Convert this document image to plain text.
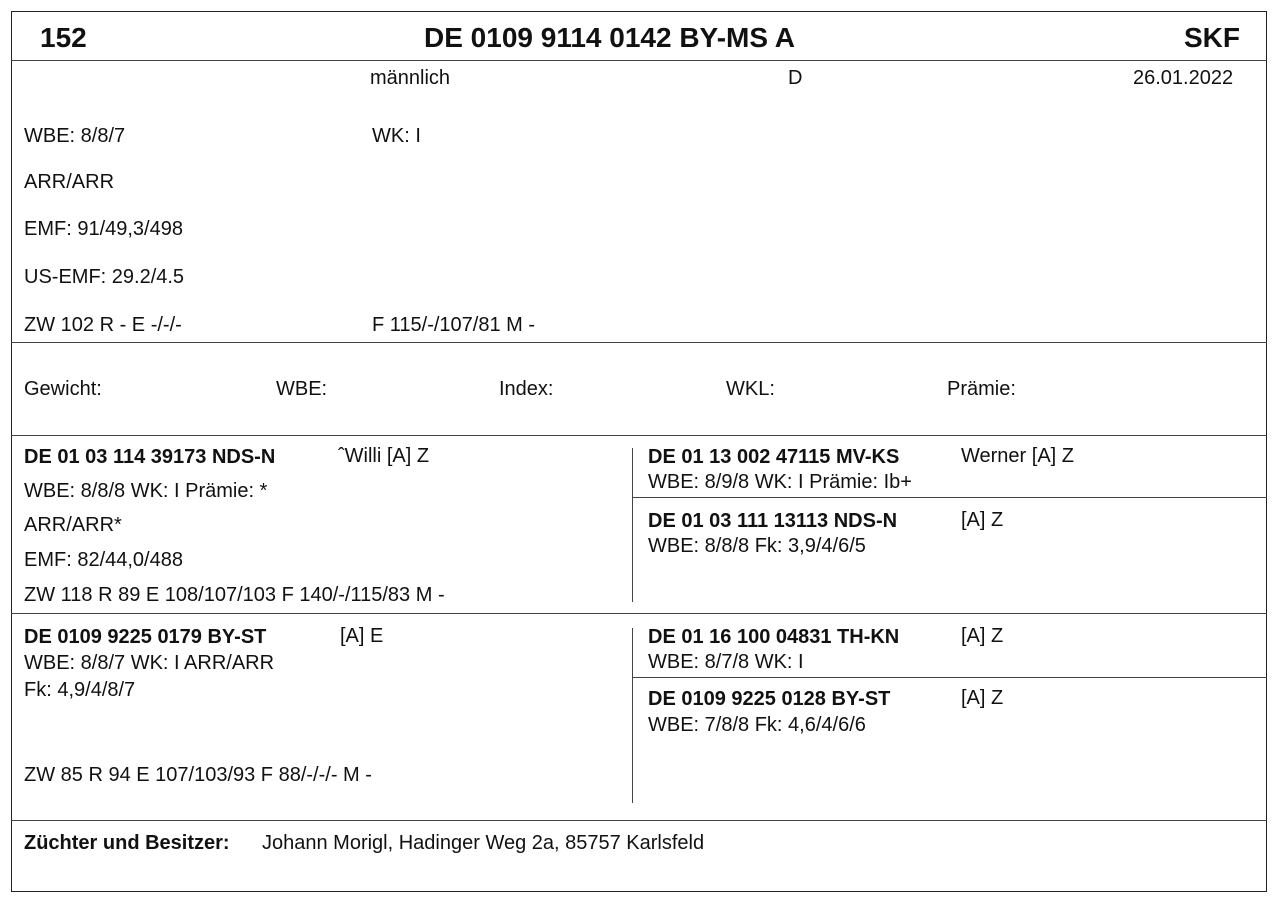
152	DE 0109 9114 0142 BY-MS A	SKF
männlich	D	26.01.2022
WBE: 8/8/7	WK: I
ARR/ARR
EMF: 91/49,3/498
US-EMF: 29.2/4.5
ZW 102 R - E -/-/-	F 115/-/107/81 M -
Gewicht:	WBE:	Index:	WKL:	Prämie:
DE 01 03 114 39173 NDS-N	ˆWilli [A] Z
WBE: 8/8/8 WK: I Prämie: *
ARR/ARR*
EMF: 82/44,0/488
ZW 118 R 89 E 108/107/103 F 140/-/115/83 M -
DE 01 13 002 47115 MV-KS	Werner [A] Z
WBE: 8/9/8 WK: I Prämie: Ib+
DE 01 03 111 13113 NDS-N	[A] Z
WBE: 8/8/8 Fk: 3,9/4/6/5
DE 0109 9225 0179 BY-ST	[A] E
WBE: 8/8/7 WK: I ARR/ARR
Fk: 4,9/4/8/7
ZW 85 R 94 E 107/103/93 F 88/-/-/- M -
DE 01 16 100 04831 TH-KN	[A] Z
WBE: 8/7/8 WK: I
DE 0109 9225 0128 BY-ST	[A] Z
WBE: 7/8/8 Fk: 4,6/4/6/6
Züchter und Besitzer: Johann Morigl, Hadinger Weg 2a, 85757 Karlsfeld
